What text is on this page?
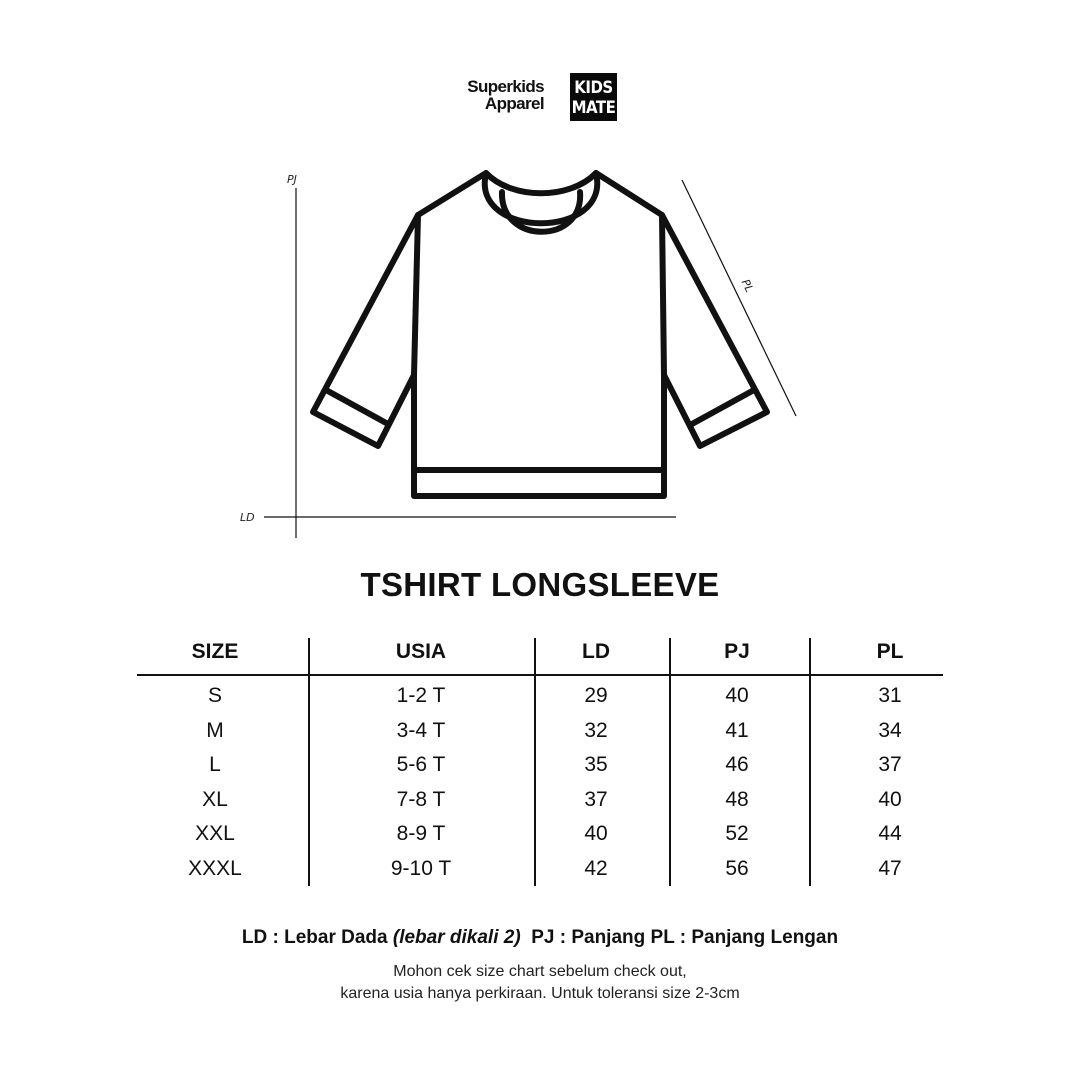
Superkids
Apparel
KIDS
MATE
PJ
LD
PL
TSHIRT LONGSLEEVE
SIZE	USIA	LD	PJ	PL
S	1-2 T	29	40	31
M	3-4 T	32	41	34
L	5-6 T	35	46	37
XL	7-8 T	37	48	40
XXL	8-9 T	40	52	44
XXXL	9-10 T	42	56	47
LD : Lebar Dada (lebar dikali 2)  PJ : Panjang PL : Panjang Lengan
Mohon cek size chart sebelum check out,
karena usia hanya perkiraan. Untuk toleransi size 2-3cm
